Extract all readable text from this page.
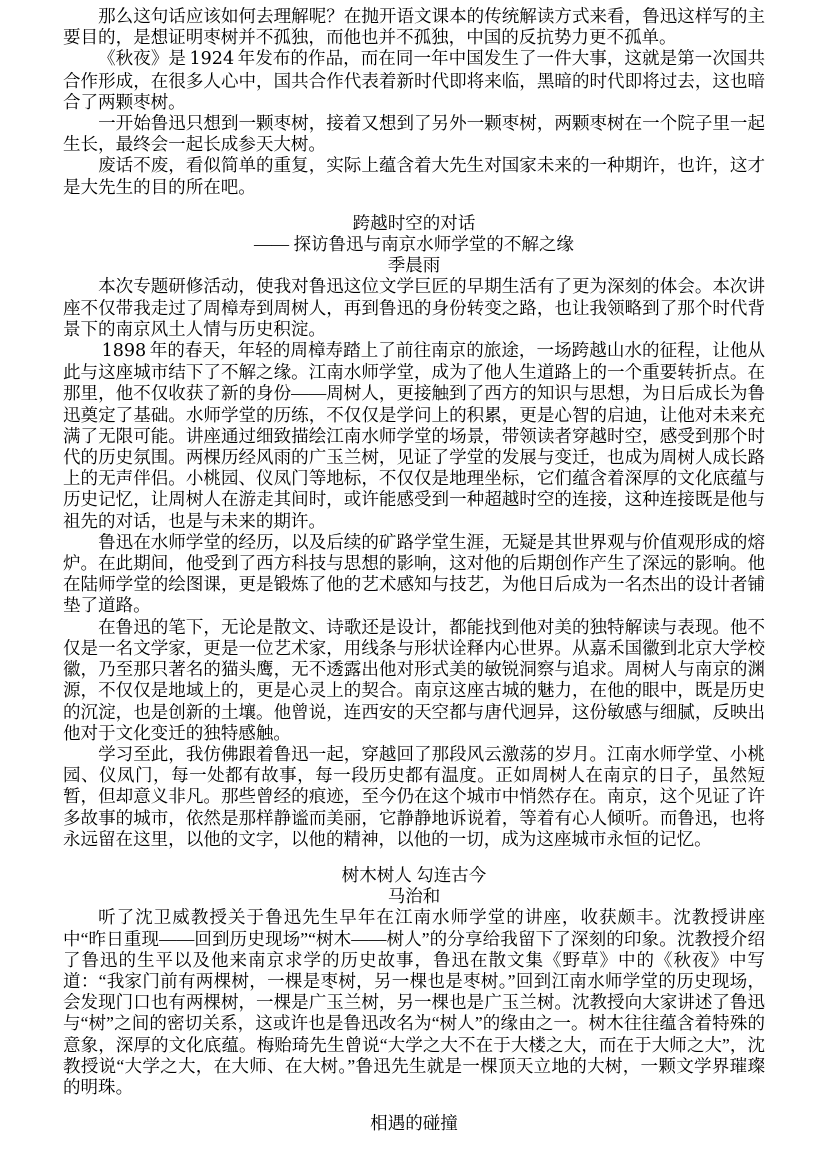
那么这句话应该如何去理解呢？在抛开语文课本的传统解读方式来看，鲁迅这样写的主要目的，是想证明枣树并不孤独，而他也并不孤独，中国的反抗势力更不孤单。

《秋夜》是 1924 年发布的作品，而在同一年中国发生了一件大事，这就是第一次国共合作形成，在很多人心中，国共合作代表着新时代即将来临，黑暗的时代即将过去，这也暗合了两颗枣树。

一开始鲁迅只想到一颗枣树，接着又想到了另外一颗枣树，两颗枣树在一个院子里一起生长，最终会一起长成参天大树。

废话不废，看似简单的重复，实际上蕴含着大先生对国家未来的一种期许，也许，这才是大先生的目的所在吧。

跨越时空的对话
—— 探访鲁迅与南京水师学堂的不解之缘
季晨雨

本次专题研修活动，使我对鲁迅这位文学巨匠的早期生活有了更为深刻的体会。本次讲座不仅带我走过了周樟寿到周树人，再到鲁迅的身份转变之路，也让我领略到了那个时代背景下的南京风土人情与历史积淀。

1898 年的春天，年轻的周樟寿踏上了前往南京的旅途，一场跨越山水的征程，让他从此与这座城市结下了不解之缘。江南水师学堂，成为了他人生道路上的一个重要转折点。在那里，他不仅收获了新的身份——周树人，更接触到了西方的知识与思想，为日后成长为鲁迅奠定了基础。水师学堂的历练，不仅仅是学问上的积累，更是心智的启迪，让他对未来充满了无限可能。讲座通过细致描绘江南水师学堂的场景，带领读者穿越时空，感受到那个时代的历史氛围。两棵历经风雨的广玉兰树，见证了学堂的发展与变迁，也成为周树人成长路上的无声伴侣。小桃园、仪凤门等地标，不仅仅是地理坐标，它们蕴含着深厚的文化底蕴与历史记忆，让周树人在游走其间时，或许能感受到一种超越时空的连接，这种连接既是他与祖先的对话，也是与未来的期许。

鲁迅在水师学堂的经历，以及后续的矿路学堂生涯，无疑是其世界观与价值观形成的熔炉。在此期间，他受到了西方科技与思想的影响，这对他的后期创作产生了深远的影响。他在陆师学堂的绘图课，更是锻炼了他的艺术感知与技艺，为他日后成为一名杰出的设计者铺垫了道路。

在鲁迅的笔下，无论是散文、诗歌还是设计，都能找到他对美的独特解读与表现。他不仅是一名文学家，更是一位艺术家，用线条与形状诠释内心世界。从嘉禾国徽到北京大学校徽，乃至那只著名的猫头鹰，无不透露出他对形式美的敏锐洞察与追求。周树人与南京的渊源，不仅仅是地域上的，更是心灵上的契合。南京这座古城的魅力，在他的眼中，既是历史的沉淀，也是创新的土壤。他曾说，连西安的天空都与唐代迥异，这份敏感与细腻，反映出他对于文化变迁的独特感触。

学习至此，我仿佛跟着鲁迅一起，穿越回了那段风云激荡的岁月。江南水师学堂、小桃园、仪凤门，每一处都有故事，每一段历史都有温度。正如周树人在南京的日子，虽然短暂，但却意义非凡。那些曾经的痕迹，至今仍在这个城市中悄然存在。南京，这个见证了许多故事的城市，依然是那样静谧而美丽，它静静地诉说着，等着有心人倾听。而鲁迅，也将永远留在这里，以他的文字，以他的精神，以他的一切，成为这座城市永恒的记忆。

树木树人 勾连古今
马治和

听了沈卫威教授关于鲁迅先生早年在江南水师学堂的讲座，收获颇丰。沈教授讲座中“昨日重现——回到历史现场”“树木——树人”的分享给我留下了深刻的印象。沈教授介绍了鲁迅的生平以及他来南京求学的历史故事，鲁迅在散文集《野草》中的《秋夜》中写道：“我家门前有两棵树，一棵是枣树，另一棵也是枣树。”回到江南水师学堂的历史现场，会发现门口也有两棵树，一棵是广玉兰树，另一棵也是广玉兰树。沈教授向大家讲述了鲁迅与“树”之间的密切关系，这或许也是鲁迅改名为“树人”的缘由之一。树木往往蕴含着特殊的意象，深厚的文化底蕴。梅贻琦先生曾说“大学之大不在于大楼之大，而在于大师之大”，沈教授说“大学之大，在大师、在大树。”鲁迅先生就是一棵顶天立地的大树，一颗文学界璀璨的明珠。

相遇的碰撞
